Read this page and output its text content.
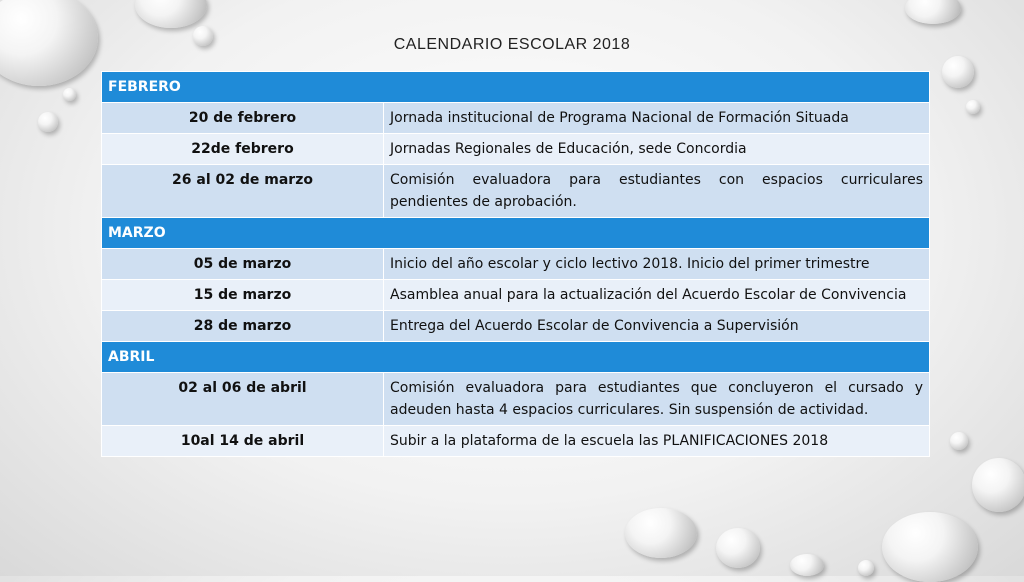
CALENDARIO ESCOLAR 2018
FEBRERO	
20 de febrero	Jornada institucional de Programa Nacional de Formación Situada
22de febrero	Jornadas Regionales de Educación, sede Concordia
26 al 02 de marzo	Comisión evaluadora para estudiantes con espacios curriculares pendientes de aprobación.
MARZO	
05 de marzo	Inicio del año escolar y ciclo lectivo 2018. Inicio del primer trimestre
15 de marzo	Asamblea anual para la actualización del Acuerdo Escolar de Convivencia
28 de marzo	Entrega del Acuerdo Escolar de Convivencia a Supervisión
ABRIL	
02 al 06 de abril	Comisión evaluadora para estudiantes que concluyeron el cursado y adeuden hasta 4 espacios curriculares. Sin suspensión de actividad.
10al 14 de abril	Subir a la plataforma de la escuela las PLANIFICACIONES 2018
